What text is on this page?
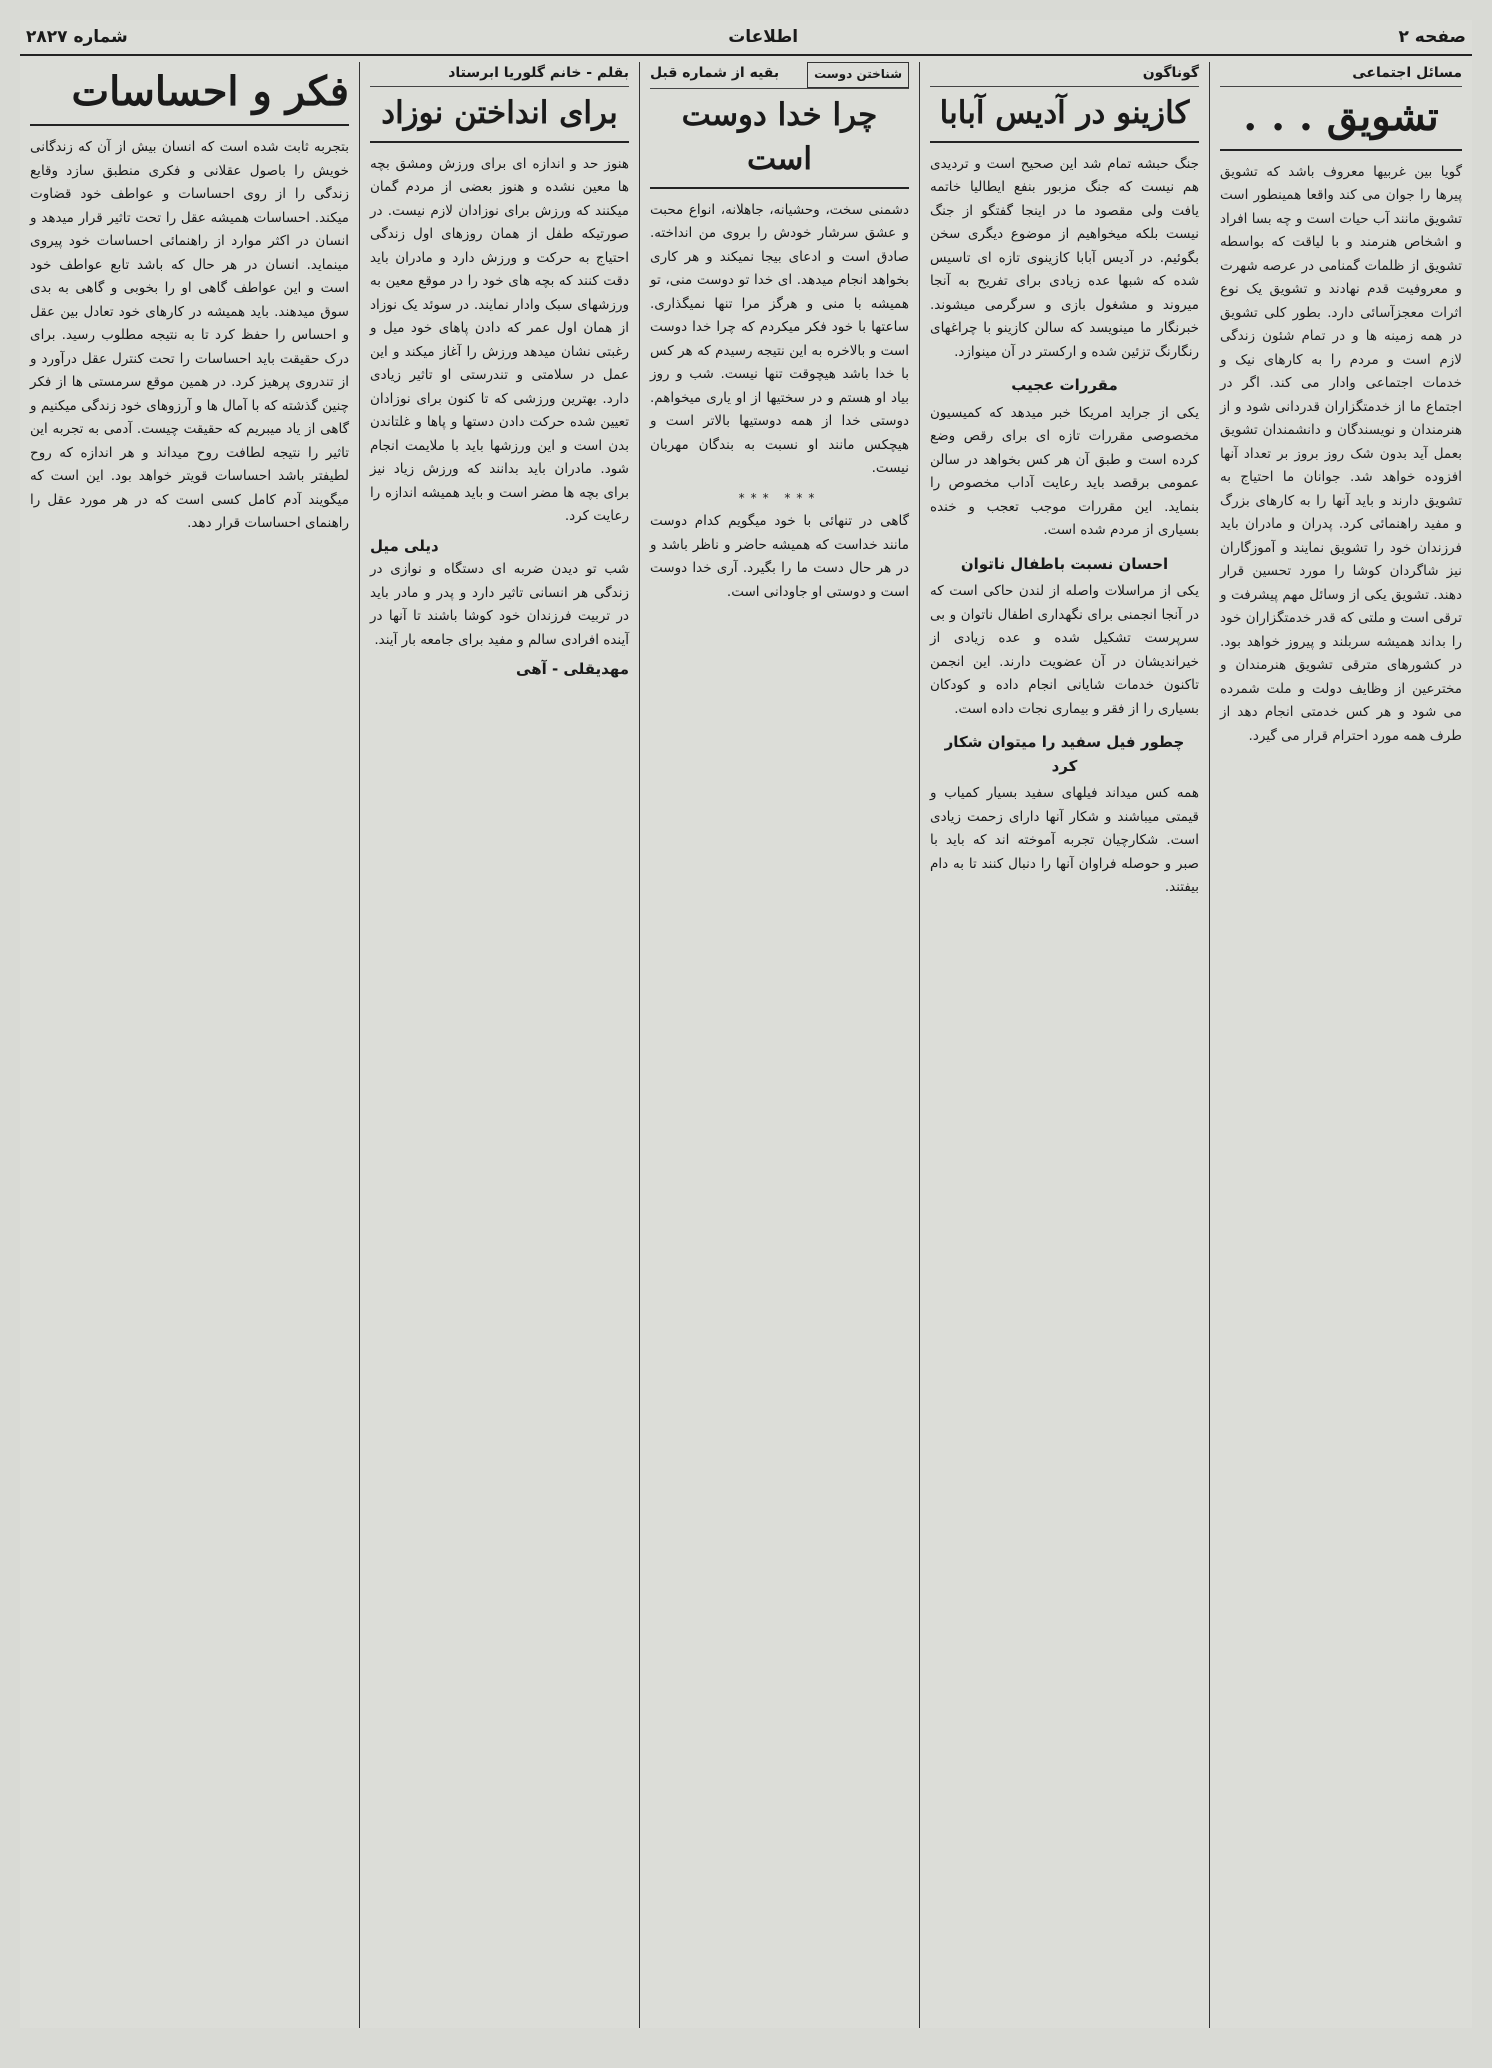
صفحه ۲
اطلاعات
شماره ۲۸۲۷
مسائل اجتماعی
تشویق . . .

گویا بین غربیها معروف باشد که تشویق پیرها را جوان می کند واقعا همینطور است تشویق مانند آب حیات است و چه بسا افراد و اشخاص هنرمند و با لیاقت که بواسطه تشویق از ظلمات گمنامی در عرصه شهرت و معروفیت قدم نهادند و تشویق یک نوع اثرات معجزآسائی دارد. بطور کلی تشویق در همه زمینه ها و در تمام شئون زندگی لازم است و مردم را به کارهای نیک و خدمات اجتماعی وادار می کند. اگر در اجتماع ما از خدمتگزاران قدردانی شود و از هنرمندان و نویسندگان و دانشمندان تشویق بعمل آید بدون شک روز بروز بر تعداد آنها افزوده خواهد شد. جوانان ما احتیاج به تشویق دارند و باید آنها را به کارهای بزرگ و مفید راهنمائی کرد. پدران و مادران باید فرزندان خود را تشویق نمایند و آموزگاران نیز شاگردان کوشا را مورد تحسین قرار دهند. تشویق یکی از وسائل مهم پیشرفت و ترقی است و ملتی که قدر خدمتگزاران خود را بداند همیشه سربلند و پیروز خواهد بود. در کشورهای مترقی تشویق هنرمندان و مخترعین از وظایف دولت و ملت شمرده می شود و هر کس خدمتی انجام دهد از طرف همه مورد احترام قرار می گیرد.

گوناگون
کازینو در آدیس آبابا

جنگ حبشه تمام شد این صحیح است و تردیدی هم نیست که جنگ مزبور بنفع ایطالیا خاتمه یافت ولی مقصود ما در اینجا گفتگو از جنگ نیست بلکه میخواهیم از موضوع دیگری سخن بگوئیم. در آدیس آبابا کازینوی تازه ای تاسیس شده که شبها عده زیادی برای تفریح به آنجا میروند و مشغول بازی و سرگرمی میشوند. خبرنگار ما مینویسد که سالن کازینو با چراغهای رنگارنگ تزئین شده و ارکستر در آن مینوازد.

مقررات عجیب

یکی از جراید امریکا خبر میدهد که کمیسیون مخصوصی مقررات تازه ای برای رقص وضع کرده است و طبق آن هر کس بخواهد در سالن عمومی برقصد باید رعایت آداب مخصوص را بنماید. این مقررات موجب تعجب و خنده بسیاری از مردم شده است.

احسان نسبت باطفال ناتوان

یکی از مراسلات واصله از لندن حاکی است که در آنجا انجمنی برای نگهداری اطفال ناتوان و بی سرپرست تشکیل شده و عده زیادی از خیراندیشان در آن عضویت دارند. این انجمن تاکنون خدمات شایانی انجام داده و کودکان بسیاری را از فقر و بیماری نجات داده است.

چطور فیل سفید را میتوان شکار کرد

همه کس میداند فیلهای سفید بسیار کمیاب و قیمتی میباشند و شکار آنها دارای زحمت زیادی است. شکارچیان تجربه آموخته اند که باید با صبر و حوصله فراوان آنها را دنبال کنند تا به دام بیفتند.

شناختن دوست
بقیه از شماره قبل
چرا خدا دوست است

دشمنی سخت، وحشیانه، جاهلانه، انواع محبت و عشق سرشار خودش را بروی من انداخته. صادق است و ادعای بیجا نمیکند و هر کاری بخواهد انجام میدهد. ای خدا تو دوست منی، تو همیشه با منی و هرگز مرا تنها نمیگذاری. ساعتها با خود فکر میکردم که چرا خدا دوست است و بالاخره به این نتیجه رسیدم که هر کس با خدا باشد هیچوقت تنها نیست. شب و روز بیاد او هستم و در سختیها از او یاری میخواهم. دوستی خدا از همه دوستیها بالاتر است و هیچکس مانند او نسبت به بندگان مهربان نیست.

*** ***

گاهی در تنهائی با خود میگویم کدام دوست مانند خداست که همیشه حاضر و ناظر باشد و در هر حال دست ما را بگیرد. آری خدا دوست است و دوستی او جاودانی است.

بقلم - خانم گلوریا ابرستاد
برای انداختن نوزاد

هنوز حد و اندازه ای برای ورزش ومشق بچه ها معین نشده و هنوز بعضی از مردم گمان میکنند که ورزش برای نوزادان لازم نیست. در صورتیکه طفل از همان روزهای اول زندگی احتیاج به حرکت و ورزش دارد و مادران باید دقت کنند که بچه های خود را در موقع معین به ورزشهای سبک وادار نمایند. در سوئد یک نوزاد از همان اول عمر که دادن پاهای خود میل و رغبتی نشان میدهد ورزش را آغاز میکند و این عمل در سلامتی و تندرستی او تاثیر زیادی دارد. بهترین ورزشی که تا کنون برای نوزادان تعیین شده حرکت دادن دستها و پاها و غلتاندن بدن است و این ورزشها باید با ملایمت انجام شود. مادران باید بدانند که ورزش زیاد نیز برای بچه ها مضر است و باید همیشه اندازه را رعایت کرد.

دیلی میل

شب تو دیدن ضربه ای دستگاه و نوازی در زندگی هر انسانی تاثیر دارد و پدر و مادر باید در تربیت فرزندان خود کوشا باشند تا آنها در آینده افرادی سالم و مفید برای جامعه بار آیند.

مهدیقلی - آهی
فکر و احساسات

بتجربه ثابت شده است که انسان بیش از آن که زندگانی خویش را باصول عقلانی و فکری منطبق سازد وقایع زندگی را از روی احساسات و عواطف خود قضاوت میکند. احساسات همیشه عقل را تحت تاثیر قرار میدهد و انسان در اکثر موارد از راهنمائی احساسات خود پیروی مینماید. انسان در هر حال که باشد تابع عواطف خود است و این عواطف گاهی او را بخوبی و گاهی به بدی سوق میدهند. باید همیشه در کارهای خود تعادل بین عقل و احساس را حفظ کرد تا به نتیجه مطلوب رسید. برای درک حقیقت باید احساسات را تحت کنترل عقل درآورد و از تندروی پرهیز کرد. در همین موقع سرمستی ها از فکر چنین گذشته که با آمال ها و آرزوهای خود زندگی میکنیم و گاهی از یاد میبریم که حقیقت چیست. آدمی به تجربه این تاثیر را نتیجه لطافت روح میداند و هر اندازه که روح لطیفتر باشد احساسات قویتر خواهد بود. این است که میگویند آدم کامل کسی است که در هر مورد عقل را راهنمای احساسات قرار دهد.
